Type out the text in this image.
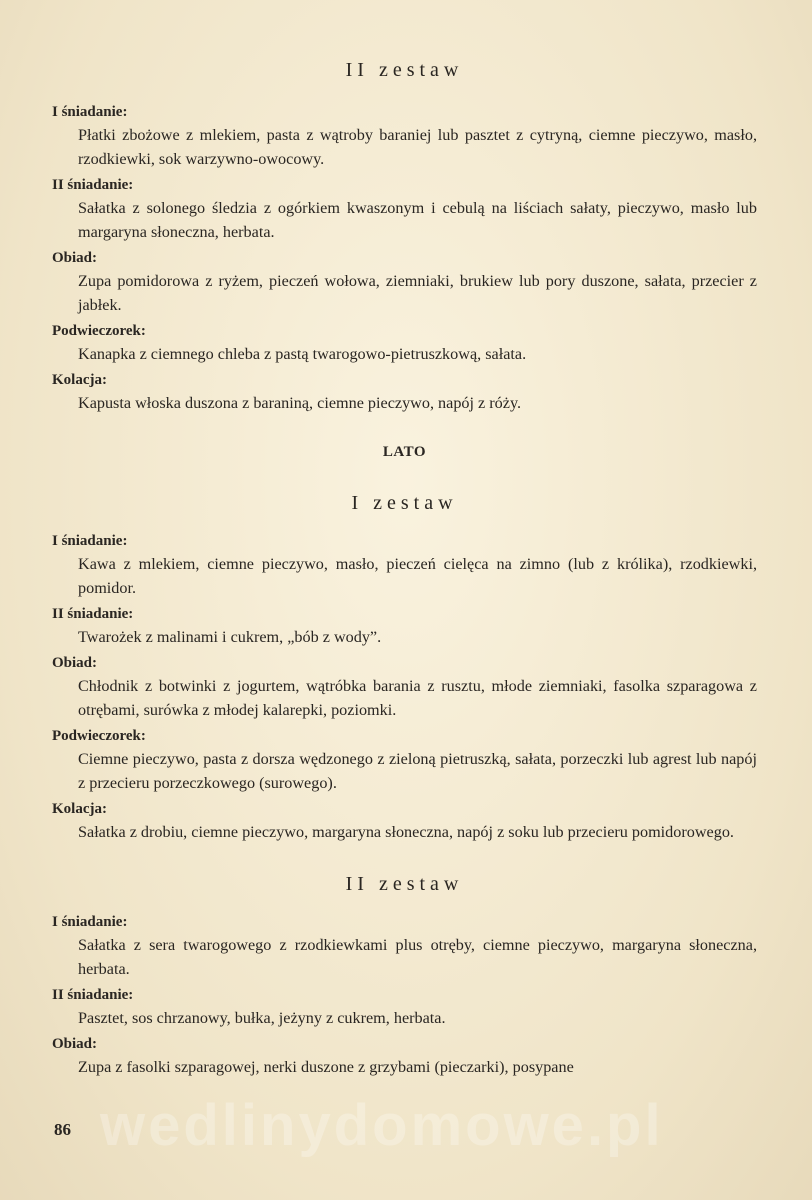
II zestaw

I śniadanie:

Płatki zbożowe z mlekiem, pasta z wątroby baraniej lub pasztet z cytryną, ciemne pieczywo, masło, rzodkiewki, sok warzywno-owocowy.

II śniadanie:

Sałatka z solonego śledzia z ogórkiem kwaszonym i cebulą na liściach sałaty, pieczywo, masło lub margaryna słoneczna, herbata.

Obiad:

Zupa pomidorowa z ryżem, pieczeń wołowa, ziemniaki, brukiew lub pory duszone, sałata, przecier z jabłek.

Podwieczorek:

Kanapka z ciemnego chleba z pastą twarogowo-pietruszkową, sałata.

Kolacja:

Kapusta włoska duszona z baraniną, ciemne pieczywo, napój z róży.

LATO
I zestaw

I śniadanie:

Kawa z mlekiem, ciemne pieczywo, masło, pieczeń cielęca na zimno (lub z królika), rzodkiewki, pomidor.

II śniadanie:

Twarożek z malinami i cukrem, „bób z wody”.

Obiad:

Chłodnik z botwinki z jogurtem, wątróbka barania z rusztu, młode ziemniaki, fasolka szparagowa z otrębami, surówka z młodej kalarepki, poziomki.

Podwieczorek:

Ciemne pieczywo, pasta z dorsza wędzonego z zieloną pietruszką, sałata, porzeczki lub agrest lub napój z przecieru porzeczkowego (surowego).

Kolacja:

Sałatka z drobiu, ciemne pieczywo, margaryna słoneczna, napój z soku lub przecieru pomidorowego.

II zestaw

I śniadanie:

Sałatka z sera twarogowego z rzodkiewkami plus otręby, ciemne pieczywo, margaryna słoneczna, herbata.

II śniadanie:

Pasztet, sos chrzanowy, bułka, jeżyny z cukrem, herbata.

Obiad:

Zupa z fasolki szparagowej, nerki duszone z grzybami (pieczarki), posypane

wedlinydomowe.pl
86
